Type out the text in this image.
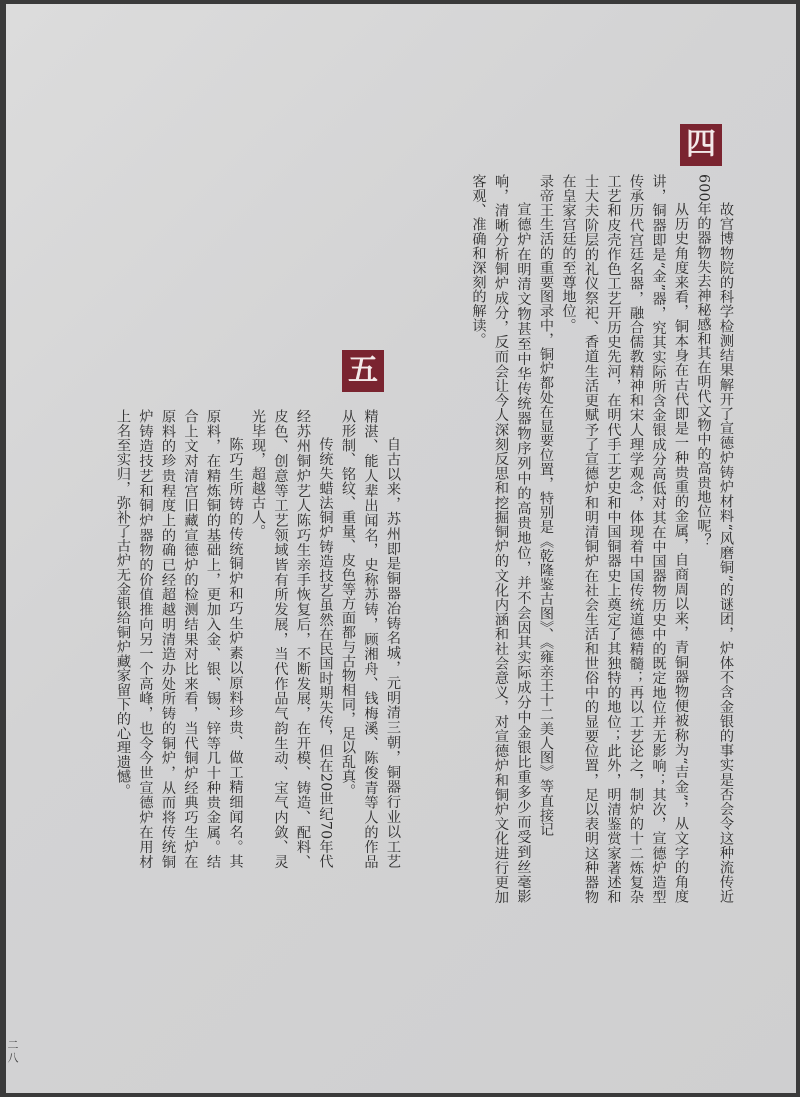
四

故宫博物院的科学检测结果解开了宣德炉铸炉材料“风磨铜”的谜团，炉体不含金银的事实是否会令这种流传近600年的器物失去神秘感和其在明代文物中的高贵地位呢？

从历史角度来看，铜本身在古代即是一种贵重的金属，自商周以来，青铜器物便被称为“吉金”，从文字的角度讲，铜器即是“金”器，究其实际所含金银成分高低对其在中国器物历史中的既定地位并无影响；其次，宣德炉造型传承历代宫廷名器，融合儒教精神和宋人理学观念，体现着中国传统道德精髓；再以工艺论之，制炉的十二炼复杂工艺和皮壳作色工艺开历史先河，在明代手工艺史和中国铜器史上奠定了其独特的地位；此外，明清鉴赏家著述和士大夫阶层的礼仪祭祀、香道生活更赋予了宣德炉和明清铜炉在社会生活和世俗中的显要位置，足以表明这种器物在皇家宫廷的至尊地位。

录帝王生活的重要图录中，铜炉都处在显要位置，特别是《乾隆鉴古图》、《雍亲王十二美人图》等直接记

宣德炉在明清文物甚至中华传统器物序列中的高贵地位，并不会因其实际成分中金银比重多少而受到丝毫影响，清晰分析铜炉成分，反而会让今人深刻反思和挖掘铜炉的文化内涵和社会意义，对宣德炉和铜炉文化进行更加客观、准确和深刻的解读。

五

自古以来，苏州即是铜器冶铸名城，元明清三朝，铜器行业以工艺精湛、能人辈出闻名，史称苏铸，顾湘舟、钱梅溪、陈俊青等人的作品从形制、铭纹、重量、皮色等方面都与古物相同，足以乱真。

传统失蜡法铜炉铸造技艺虽然在民国时期失传，但在20世纪70年代经苏州铜炉艺人陈巧生亲手恢复后，不断发展，在开模、铸造、配料、皮色、创意等工艺领域皆有所发展，当代作品气韵生动、宝气内敛、灵光毕现，超越古人。

陈巧生所铸的传统铜炉和巧生炉素以原料珍贵、做工精细闻名。其原料，在精炼铜的基础上，更加入金、银、锡、锌等几十种贵金属。结合上文对清宫旧藏宣德炉的检测结果对比来看，当代铜炉经典巧生炉在原料的珍贵程度上的确已经超越明清造办处所铸的铜炉，从而将传统铜炉铸造技艺和铜炉器物的价值推向另一个高峰，也令今世宣德炉在用材上名至实归，弥补了古炉无金银给铜炉藏家留下的心理遗憾。

二八
